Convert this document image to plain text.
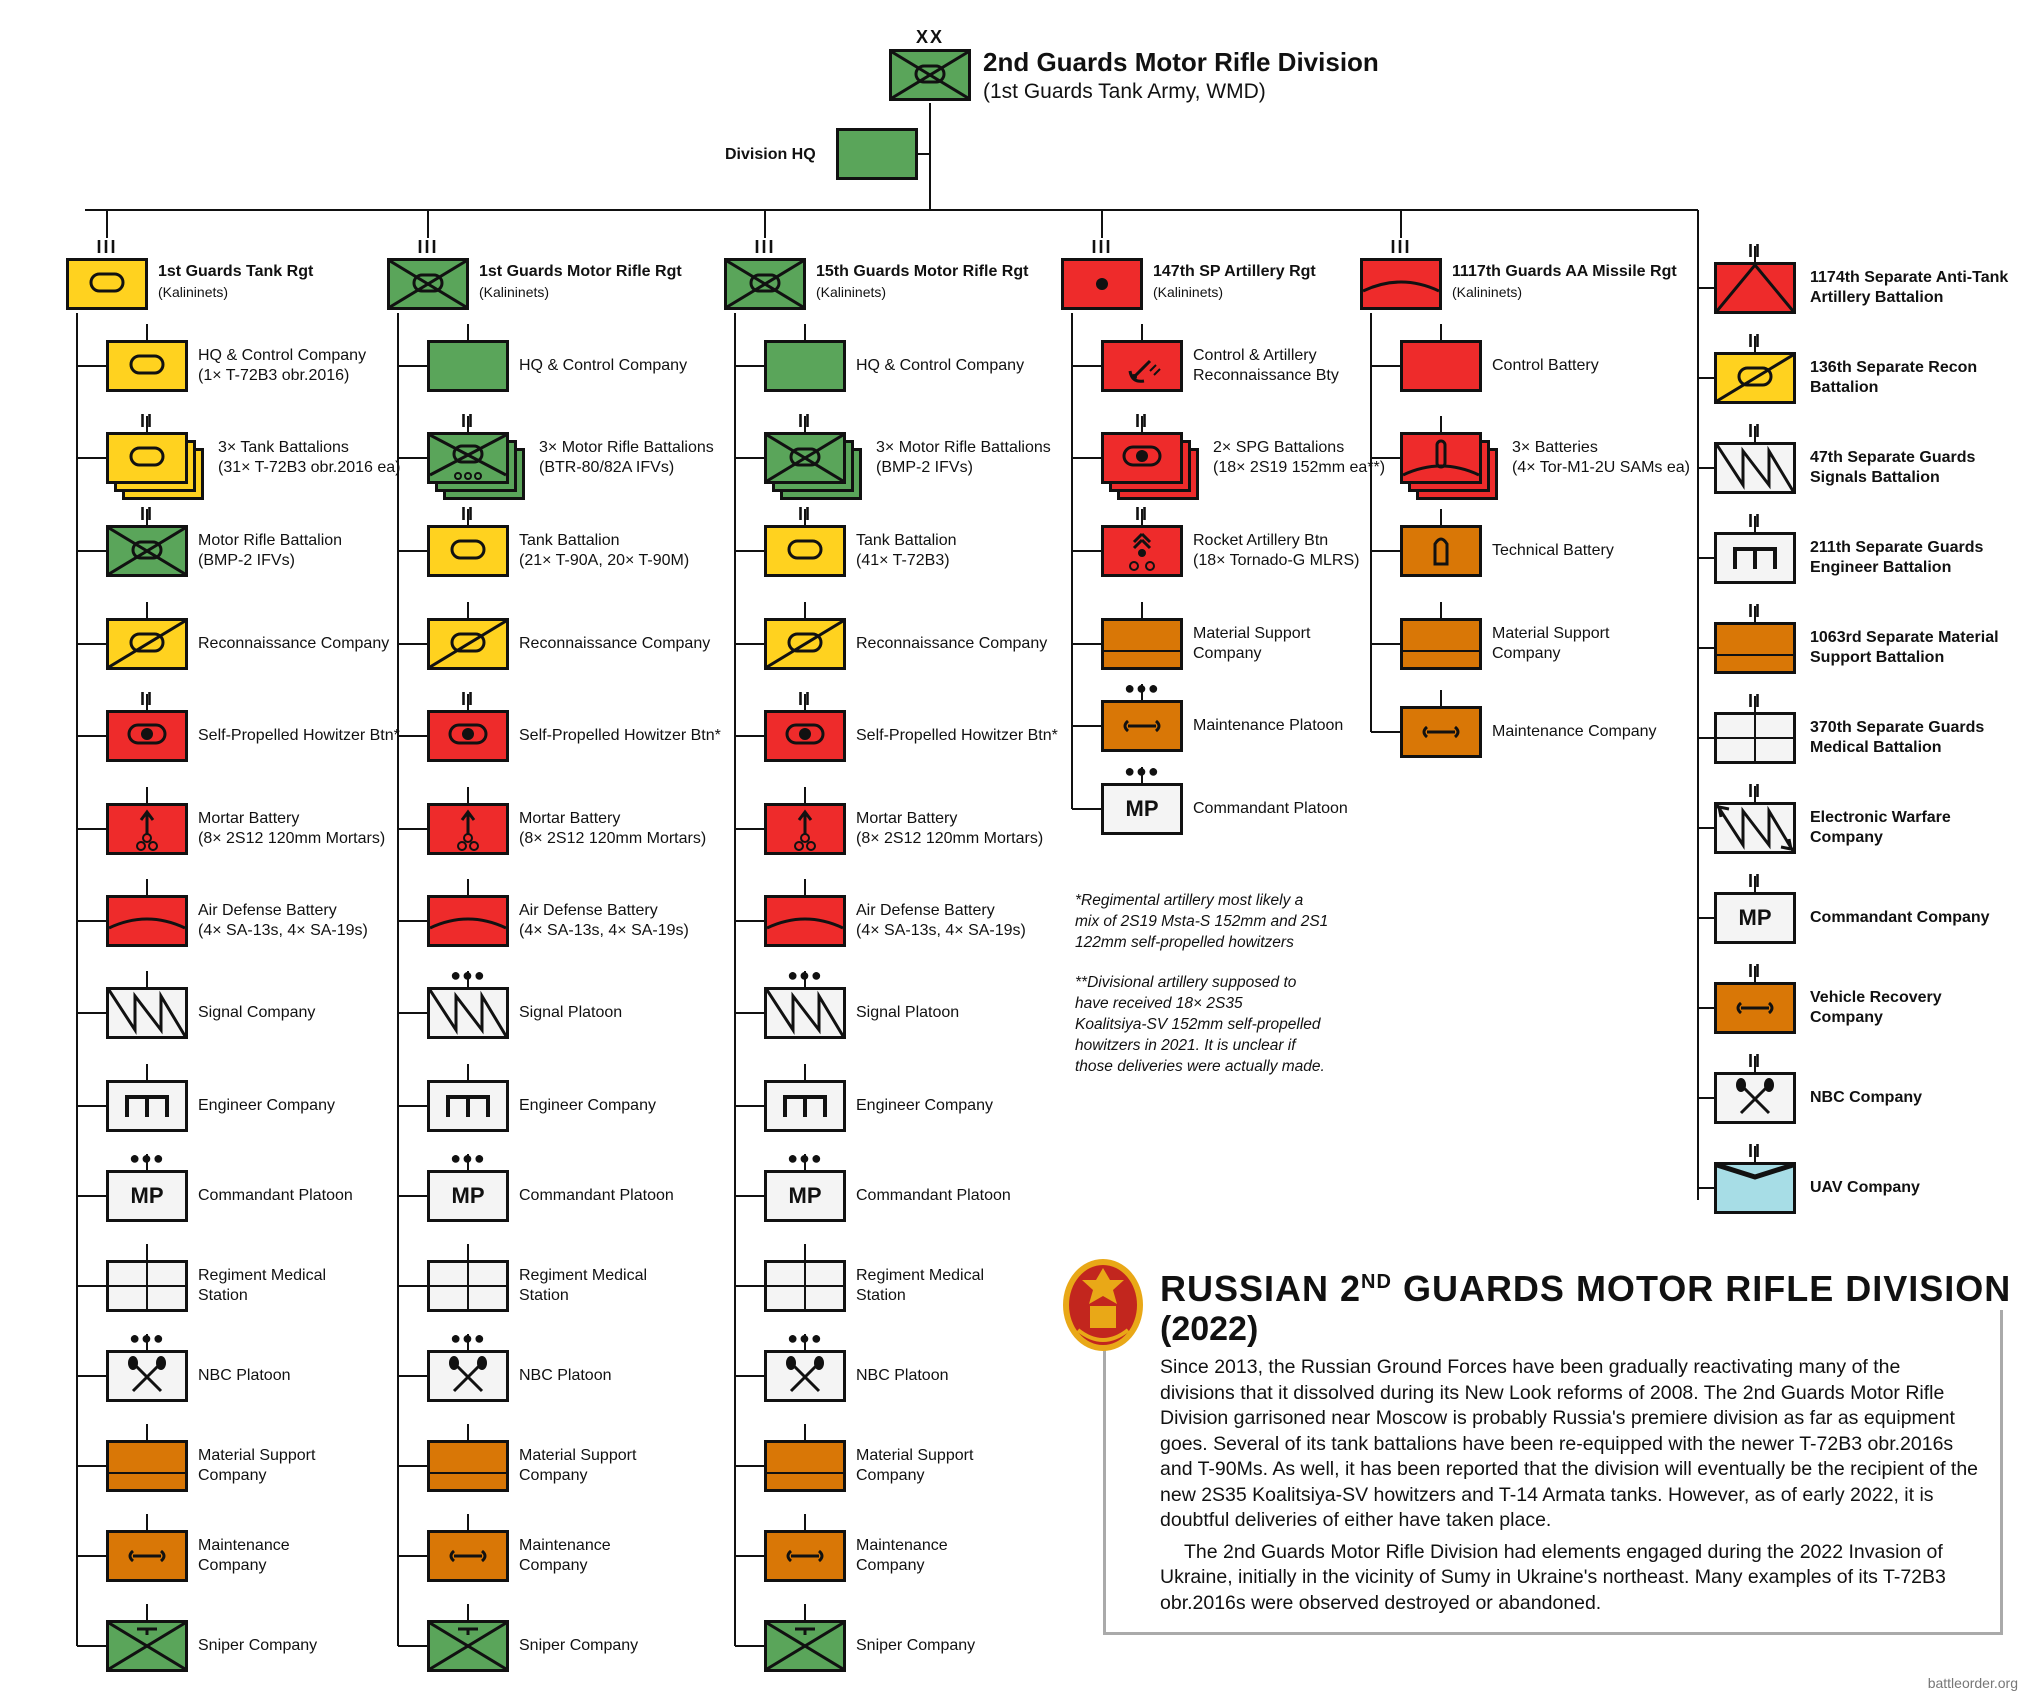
XX
III
1st Guards Tank Rgt
(Kalininets)
HQ & Control Company
(1× T-72B3 obr.2016)
II
3× Tank Battalions
(31× T-72B3 obr.2016 ea)
II
Motor Rifle Battalion
(BMP-2 IFVs)
Reconnaissance Company
II
Self-Propelled Howitzer Btn*
Mortar Battery
(8× 2S12 120mm Mortars)
Air Defense Battery
(4× SA-13s, 4× SA-19s)
Signal Company
Engineer Company
●●●
MP	Commandant Platoon
Regiment Medical
Station
●●●
NBC Platoon
Material Support
Company
Maintenance
Company
Sniper Company
III
1st Guards Motor Rifle Rgt
(Kalininets)
HQ & Control Company
II
3× Motor Rifle Battalions
(BTR-80/82A IFVs)
II
Tank Battalion
(21× T-90A, 20× T-90M)
Reconnaissance Company
II
Self-Propelled Howitzer Btn*
Mortar Battery
(8× 2S12 120mm Mortars)
Air Defense Battery
(4× SA-13s, 4× SA-19s)
●●●
Signal Platoon
Engineer Company
●●●
MP	Commandant Platoon
Regiment Medical
Station
●●●
NBC Platoon
Material Support
Company
Maintenance
Company
Sniper Company
III
15th Guards Motor Rifle Rgt
(Kalininets)
HQ & Control Company
II
3× Motor Rifle Battalions
(BMP-2 IFVs)
II
Tank Battalion
(41× T-72B3)
Reconnaissance Company
II
Self-Propelled Howitzer Btn*
Mortar Battery
(8× 2S12 120mm Mortars)
Air Defense Battery
(4× SA-13s, 4× SA-19s)
●●●
Signal Platoon
Engineer Company
●●●
MP	Commandant Platoon
Regiment Medical
Station
●●●
NBC Platoon
Material Support
Company
Maintenance
Company
Sniper Company
III
147th SP Artillery Rgt
(Kalininets)
Control & Artillery
Reconnaissance Bty
II
2× SPG Battalions
(18× 2S19 152mm ea**)
II
Rocket Artillery Btn
(18× Tornado-G MLRS)
Material Support
Company
●●●
Maintenance Platoon
●●●
MP	Commandant Platoon
III
1117th Guards AA Missile Rgt
(Kalininets)
Control Battery
3× Batteries
(4× Tor-M1-2U SAMs ea)
Technical Battery
Material Support
Company
Maintenance Company
II
1174th Separate Anti-Tank
Artillery Battalion
II
136th Separate Recon
Battalion
II
47th Separate Guards
Signals Battalion
II
211th Separate Guards
Engineer Battalion
II
1063rd Separate Material
Support Battalion
II
370th Separate Guards
Medical Battalion
II
Electronic Warfare
Company
II
MP	Commandant Company
II
Vehicle Recovery
Company
II
NBC Company
II
UAV Company
2nd Guards Motor Rifle Division
(1st Guards Tank Army, WMD)
Division HQ
*Regimental artillery most likely a
mix of 2S19 Msta-S 152mm and 2S1
122mm self-propelled howitzers
**Divisional artillery supposed to
have received 18× 2S35
Koalitsiya-SV 152mm self-propelled
howitzers in 2021. It is unclear if
those deliveries were actually made.
RUSSIAN 2ND GUARDS MOTOR RIFLE DIVISION
(2022)

Since 2013, the Russian Ground Forces have been gradually reactivating many of the divisions that it dissolved during its New Look reforms of 2008. The 2nd Guards Motor Rifle Division garrisoned near Moscow is probably Russia's premiere division as far as equipment goes. Several of its tank battalions have been re-equipped with the newer T-72B3 obr.2016s and T-90Ms. As well, it has been reported that the division will eventually be the recipient of the new 2S35 Koalitsiya-SV howitzers and T-14 Armata tanks. However, as of early 2022, it is doubtful deliveries of either have taken place.

The 2nd Guards Motor Rifle Division had elements engaged during the 2022 Invasion of Ukraine, initially in the vicinity of Sumy in Ukraine's northeast. Many examples of its T-72B3 obr.2016s were observed destroyed or abandoned.

battleorder.org
